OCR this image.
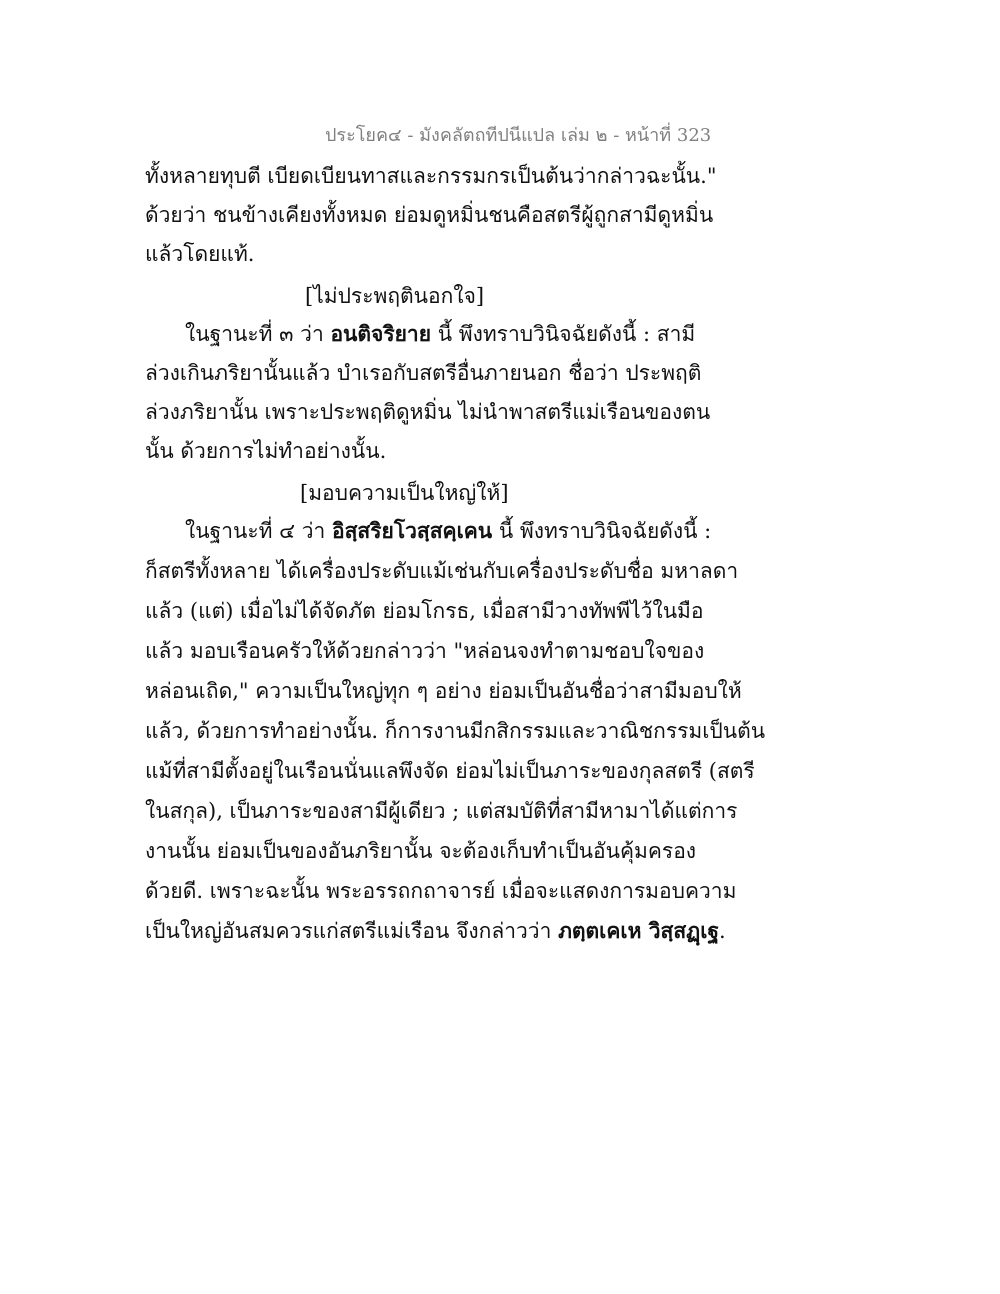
ประโยค๔ - มังคลัตถทีปนีแปล เล่ม ๒ - หน้าที่ 323
ทั้งหลายทุบตี เบียดเบียนทาสและกรรมกรเป็นต้นว่ากล่าวฉะนั้น."
ด้วยว่า ชนข้างเคียงทั้งหมด ย่อมดูหมิ่นชนคือสตรีผู้ถูกสามีดูหมิ่น
แล้วโดยแท้.
[ไม่ประพฤตินอกใจ]
ในฐานะที่ ๓ ว่า อนติจริยาย นี้ พึงทราบวินิจฉัยดังนี้ : สามี
ล่วงเกินภริยานั้นแล้ว บำเรอกับสตรีอื่นภายนอก ชื่อว่า ประพฤติ
ล่วงภริยานั้น เพราะประพฤติดูหมิ่น ไม่นำพาสตรีแม่เรือนของตน
นั้น ด้วยการไม่ทำอย่างนั้น.
[มอบความเป็นใหญ่ให้]
ในฐานะที่ ๔ ว่า อิสฺสริยโวสฺสคฺเคน นี้ พึงทราบวินิจฉัยดังนี้ :
ก็สตรีทั้งหลาย ได้เครื่องประดับแม้เช่นกับเครื่องประดับชื่อ มหาลดา
แล้ว (แต่) เมื่อไม่ได้จัดภัต ย่อมโกรธ, เมื่อสามีวางทัพพีไว้ในมือ
แล้ว มอบเรือนครัวให้ด้วยกล่าวว่า "หล่อนจงทำตามชอบใจของ
หล่อนเถิด," ความเป็นใหญ่ทุก ๆ อย่าง ย่อมเป็นอันชื่อว่าสามีมอบให้
แล้ว, ด้วยการทำอย่างนั้น. ก็การงานมีกสิกรรมและวาณิชกรรมเป็นต้น
แม้ที่สามีตั้งอยู่ในเรือนนั่นแลพึงจัด ย่อมไม่เป็นภาระของกุลสตรี (สตรี
ในสกุล), เป็นภาระของสามีผู้เดียว ; แต่สมบัติที่สามีหามาได้แต่การ
งานนั้น ย่อมเป็นของอันภริยานั้น จะต้องเก็บทำเป็นอันคุ้มครอง
ด้วยดี. เพราะฉะนั้น พระอรรถกถาจารย์ เมื่อจะแสดงการมอบความ
เป็นใหญ่อันสมควรแก่สตรีแม่เรือน จึงกล่าวว่า ภตฺตเคเห วิสฺสฏฺเฐ.
